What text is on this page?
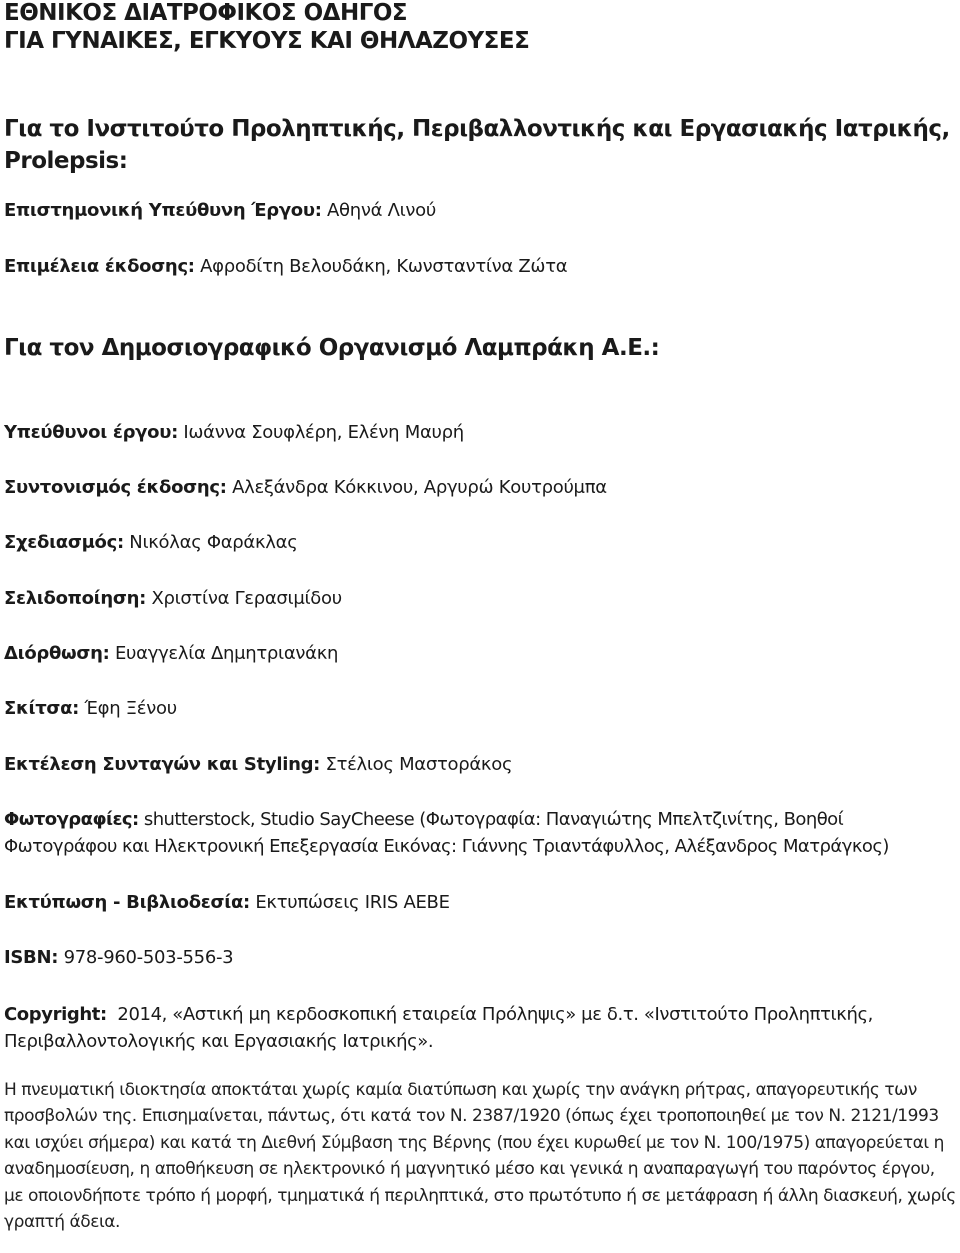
ΕΘΝΙΚΟΣ ΔΙΑΤΡΟΦΙΚΟΣ ΟΔΗΓΟΣ
ΓΙΑ ΓΥΝΑΙΚΕΣ, ΕΓΚΥΟΥΣ ΚΑΙ ΘΗΛΑΖΟΥΣΕΣ
Για το Ινστιτούτο Προληπτικής, Περιβαλλοντικής και Εργασιακής Ιατρικής, Prolepsis:
Επιστημονική Υπεύθυνη Έργου: Αθηνά Λινού
Επιμέλεια έκδοσης: Αφροδίτη Βελουδάκη, Κωνσταντίνα Ζώτα
Για τον Δημοσιογραφικό Οργανισμό Λαμπράκη Α.Ε.:
Υπεύθυνοι έργου: Ιωάννα Σουφλέρη, Ελένη Μαυρή
Συντονισμός έκδοσης: Αλεξάνδρα Κόκκινου, Αργυρώ Κουτρούμπα
Σχεδιασμός: Νικόλας Φαράκλας
Σελιδοποίηση: Χριστίνα Γερασιμίδου
Διόρθωση: Ευαγγελία Δημητριανάκη
Σκίτσα: Έφη Ξένου
Εκτέλεση Συνταγών και Styling: Στέλιος Μαστοράκος
Φωτογραφίες: shutterstock, Studio SayCheese (Φωτογραφία: Παναγιώτης Μπελτζινίτης, Βοηθοί Φωτογράφου και Ηλεκτρονική Επεξεργασία Εικόνας: Γιάννης Τριαντάφυλλος, Αλέξανδρος Ματράγκος)
Εκτύπωση - Βιβλιοδεσία: Εκτυπώσεις IRIS AEBE
ISBN: 978-960-503-556-3
Copyright: 2014, «Αστική μη κερδοσκοπική εταιρεία Πρόληψις» με δ.τ. «Ινστιτούτο Προληπτικής, Περιβαλλοντολογικής και Εργασιακής Ιατρικής».
Η πνευματική ιδιοκτησία αποκτάται χωρίς καμία διατύπωση και χωρίς την ανάγκη ρήτρας, απαγορευτικής των προσβολών της. Επισημαίνεται, πάντως, ότι κατά τον Ν. 2387/1920 (όπως έχει τροποποιηθεί με τον Ν. 2121/1993 και ισχύει σήμερα) και κατά τη Διεθνή Σύμβαση της Βέρνης (που έχει κυρωθεί με τον Ν. 100/1975) απαγορεύεται η αναδημοσίευση, η αποθήκευση σε ηλεκτρονικό ή μαγνητικό μέσο και γενικά η αναπαραγωγή του παρόντος έργου, με οποιονδήποτε τρόπο ή μορφή, τμηματικά ή περιληπτικά, στο πρωτότυπο ή σε μετάφραση ή άλλη διασκευή, χωρίς γραπτή άδεια.
